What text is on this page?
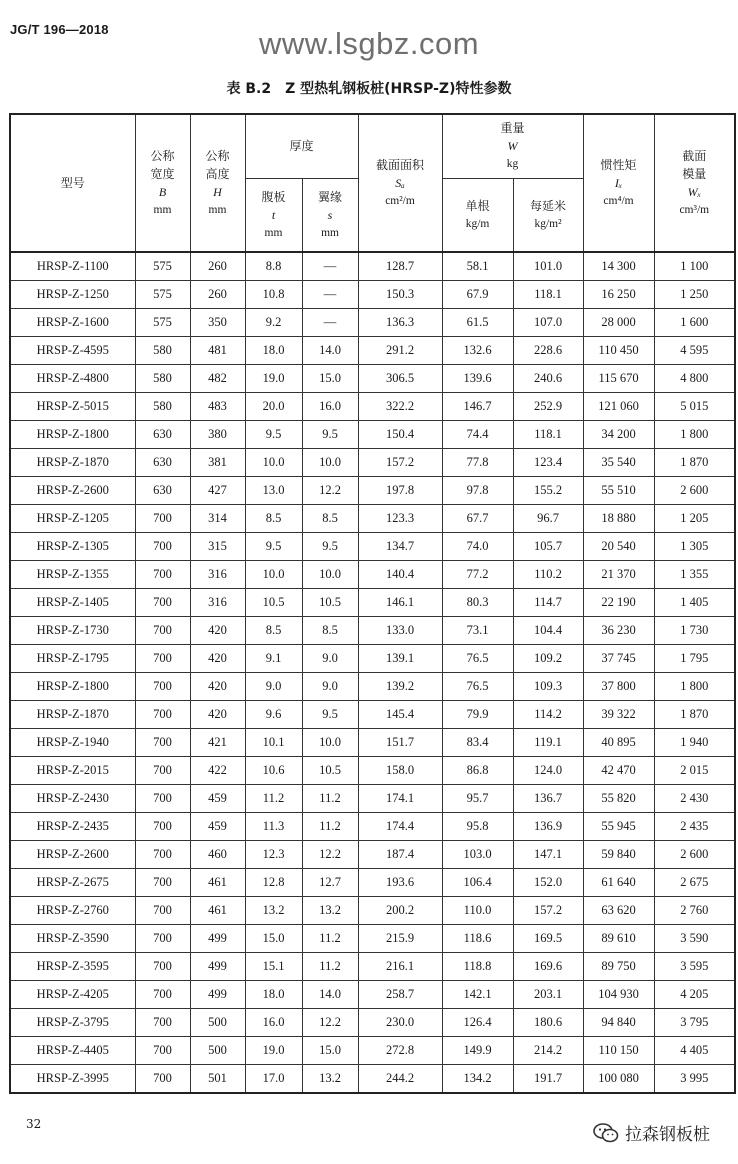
JG/T 196—2018	www.lsgbz.com
表 B.2　Z 型热轧钢板桩(HRSP-Z)特性参数
型号	公称
宽度
B
mm	公称
高度
H
mm	厚度		截面面积
Sₐ
cm²/m	重量
W
kg		惯性矩
Iₓ
cm⁴/m	截面
模量
Wₓ
cm³/m

			腹板
t
mm	翼缘
s
mm		单根
kg/m	每延米
kg/m²		

HRSP-Z-1100	575	260	8.8	—	128.7	58.1	101.0	14 300	1 100
HRSP-Z-1250	575	260	10.8	—	150.3	67.9	118.1	16 250	1 250
HRSP-Z-1600	575	350	9.2	—	136.3	61.5	107.0	28 000	1 600
HRSP-Z-4595	580	481	18.0	14.0	291.2	132.6	228.6	110 450	4 595
HRSP-Z-4800	580	482	19.0	15.0	306.5	139.6	240.6	115 670	4 800
HRSP-Z-5015	580	483	20.0	16.0	322.2	146.7	252.9	121 060	5 015
HRSP-Z-1800	630	380	9.5	9.5	150.4	74.4	118.1	34 200	1 800
HRSP-Z-1870	630	381	10.0	10.0	157.2	77.8	123.4	35 540	1 870
HRSP-Z-2600	630	427	13.0	12.2	197.8	97.8	155.2	55 510	2 600
HRSP-Z-1205	700	314	8.5	8.5	123.3	67.7	96.7	18 880	1 205
HRSP-Z-1305	700	315	9.5	9.5	134.7	74.0	105.7	20 540	1 305
HRSP-Z-1355	700	316	10.0	10.0	140.4	77.2	110.2	21 370	1 355
HRSP-Z-1405	700	316	10.5	10.5	146.1	80.3	114.7	22 190	1 405
HRSP-Z-1730	700	420	8.5	8.5	133.0	73.1	104.4	36 230	1 730
HRSP-Z-1795	700	420	9.1	9.0	139.1	76.5	109.2	37 745	1 795
HRSP-Z-1800	700	420	9.0	9.0	139.2	76.5	109.3	37 800	1 800
HRSP-Z-1870	700	420	9.6	9.5	145.4	79.9	114.2	39 322	1 870
HRSP-Z-1940	700	421	10.1	10.0	151.7	83.4	119.1	40 895	1 940
HRSP-Z-2015	700	422	10.6	10.5	158.0	86.8	124.0	42 470	2 015
HRSP-Z-2430	700	459	11.2	11.2	174.1	95.7	136.7	55 820	2 430
HRSP-Z-2435	700	459	11.3	11.2	174.4	95.8	136.9	55 945	2 435
HRSP-Z-2600	700	460	12.3	12.2	187.4	103.0	147.1	59 840	2 600
HRSP-Z-2675	700	461	12.8	12.7	193.6	106.4	152.0	61 640	2 675
HRSP-Z-2760	700	461	13.2	13.2	200.2	110.0	157.2	63 620	2 760
HRSP-Z-3590	700	499	15.0	11.2	215.9	118.6	169.5	89 610	3 590
HRSP-Z-3595	700	499	15.1	11.2	216.1	118.8	169.6	89 750	3 595
HRSP-Z-4205	700	499	18.0	14.0	258.7	142.1	203.1	104 930	4 205
HRSP-Z-3795	700	500	16.0	12.2	230.0	126.4	180.6	94 840	3 795
HRSP-Z-4405	700	500	19.0	15.0	272.8	149.9	214.2	110 150	4 405
HRSP-Z-3995	700	501	17.0	13.2	244.2	134.2	191.7	100 080	3 995
32
拉森钢板桩
